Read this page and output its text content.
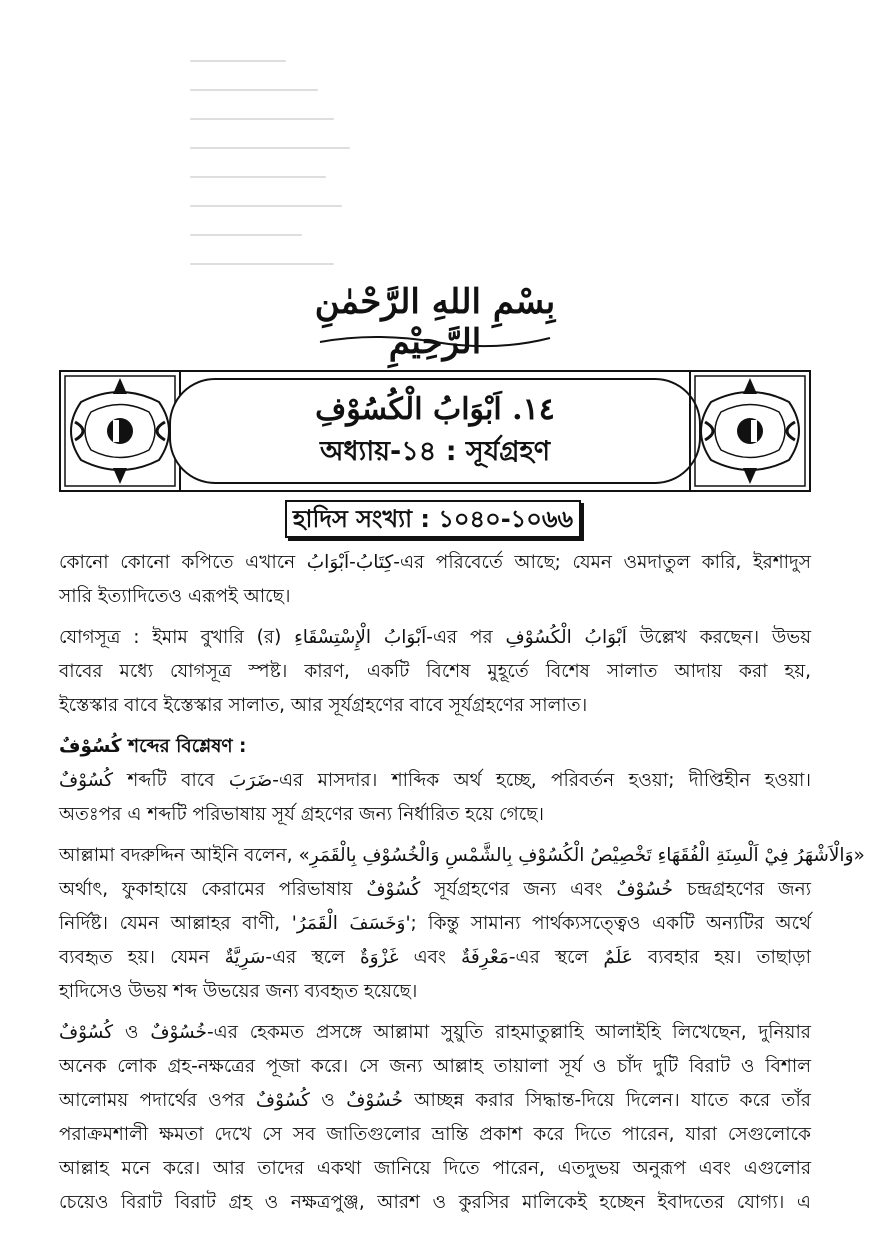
بِسْمِ اللهِ الرَّحْمٰنِ الرَّحِيْمِ
١٤. اَبْوَابُ الْكُسُوْفِ
অধ্যায়-১৪ : সূর্যগ্রহণ
হাদিস সংখ্যা : ১০৪০-১০৬৬
কোনো কোনো কপিতে এখানে كِتَابُ-اَبْوَابُ-এর পরিবের্তে আছে; যেমন ওমদাতুল কারি, ইরশাদুস
সারি ইত্যাদিতেও এরূপই আছে।
যোগসূত্র : ইমাম বুখারি (র) اَبْوَابُ الْإِسْتِسْقَاءِ-এর পর اَبْوَابُ الْكُسُوْفِ উল্লেখ করছেন। উভয়
বাবের মধ্যে যোগসূত্র স্পষ্ট। কারণ, একটি বিশেষ মুহূর্তে বিশেষ সালাত আদায় করা হয়,
ইস্তেস্কার বাবে ইস্তেস্কার সালাত, আর সূর্যগ্রহণের বাবে সূর্যগ্রহণের সালাত।
كُسُوْفٌ শব্দের বিশ্লেষণ :
كُسُوْفٌ শব্দটি বাবে ضَرَبَ-এর মাসদার। শাব্দিক অর্থ হচ্ছে, পরিবর্তন হওয়া; দীপ্তিহীন হওয়া।
অতঃপর এ শব্দটি পরিভাষায় সূর্য গ্রহণের জন্য নির্ধারিত হয়ে গেছে।
আল্লামা বদরুদ্দিন আইনি বলেন, «وَالْاَشْهَرُ فِيْ اَلْسِنَةِ الْفُقَهَاءِ تَخْصِيْصُ الْكُسُوْفِ بِالشَّمْسِ وَالْخُسُوْفِ بِالْقَمَرِ»
অর্থাৎ, ফুকাহায়ে কেরামের পরিভাষায় كُسُوْفٌ সূর্যগ্রহণের জন্য এবং خُسُوْفٌ চন্দ্রগ্রহণের জন্য
নির্দিষ্ট। যেমন আল্লাহর বাণী, 'وَخَسَفَ الْقَمَرُ'; কিন্তু সামান্য পার্থক্যসত্ত্বেও একটি অন্যটির অর্থে
ব্যবহৃত হয়। যেমন سَرِيَّةٌ-এর স্থলে غَزْوَةٌ এবং مَعْرِفَةٌ-এর স্থলে عَلَمٌ ব্যবহার হয়। তাছাড়া
হাদিসেও উভয় শব্দ উভয়ের জন্য ব্যবহৃত হয়েছে।
كُسُوْفٌ ও خُسُوْفٌ-এর হেকমত প্রসঙ্গে আল্লামা সুয়ুতি রাহমাতুল্লাহি আলাইহি লিখেছেন, দুনিয়ার
অনেক লোক গ্রহ-নক্ষত্রের পূজা করে। সে জন্য আল্লাহ তায়ালা সূর্য ও চাঁদ দুটি বিরাট ও বিশাল
আলোময় পদার্থের ওপর كُسُوْفٌ ও خُسُوْفٌ আচ্ছন্ন করার সিদ্ধান্ত-দিয়ে দিলেন। যাতে করে তাঁর
পরাক্রমশালী ক্ষমতা দেখে সে সব জাতিগুলোর ভ্রান্তি প্রকাশ করে দিতে পারেন, যারা সেগুলোকে
আল্লাহ মনে করে। আর তাদের একথা জানিয়ে দিতে পারেন, এতদুভয় অনুরূপ এবং এগুলোর
চেয়েও বিরাট বিরাট গ্রহ ও নক্ষত্রপুঞ্জ, আরশ ও কুরসির মালিকেই হচ্ছেন ইবাদতের যোগ্য। এ
